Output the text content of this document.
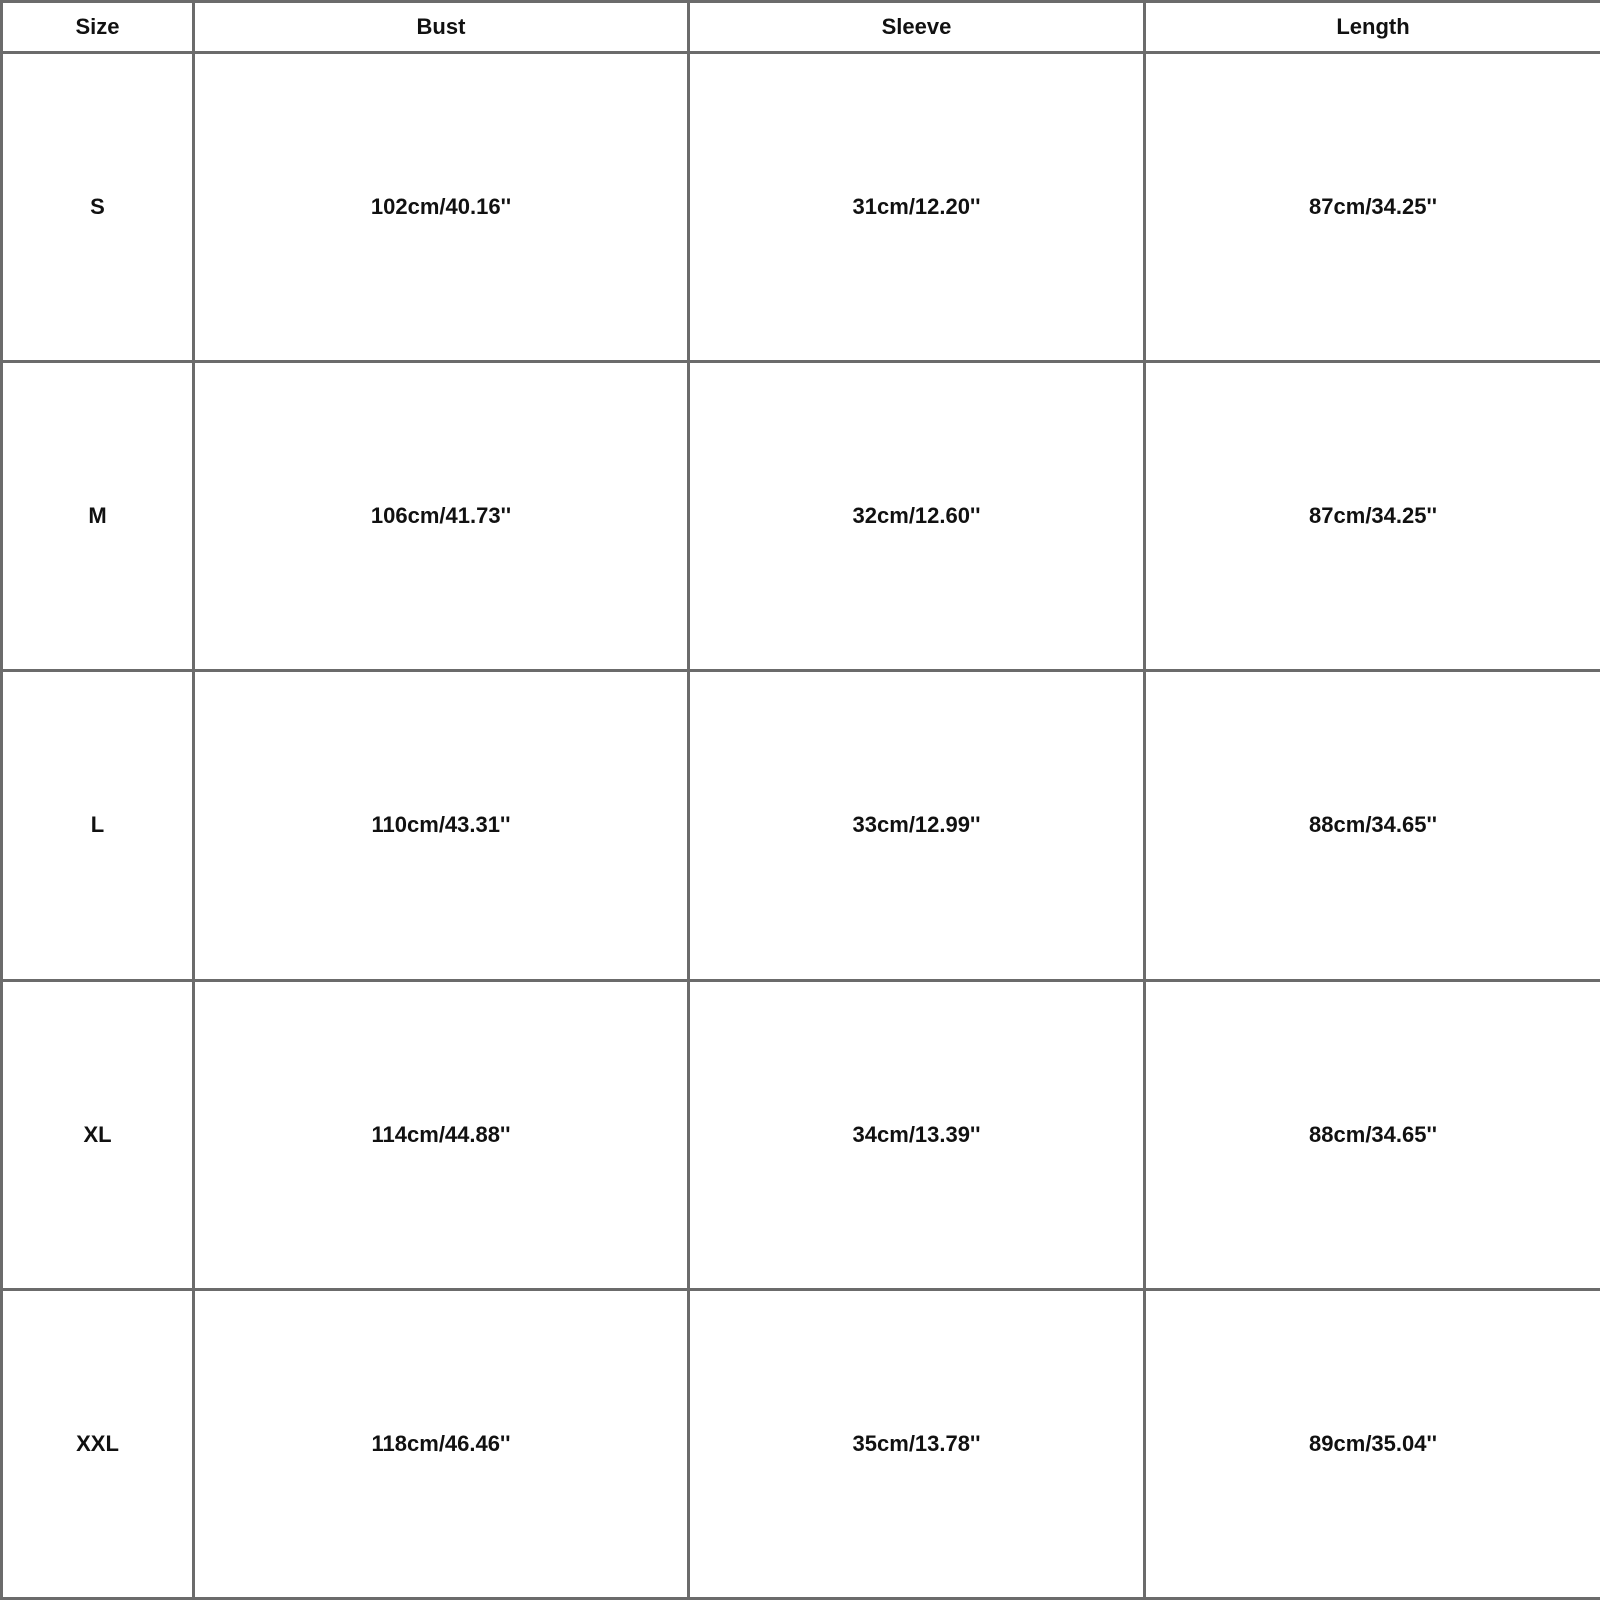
Size	Bust	Sleeve	Length
S	102cm/40.16''	31cm/12.20''	87cm/34.25''
M	106cm/41.73''	32cm/12.60''	87cm/34.25''
L	110cm/43.31''	33cm/12.99''	88cm/34.65''
XL	114cm/44.88''	34cm/13.39''	88cm/34.65''
XXL	118cm/46.46''	35cm/13.78''	89cm/35.04''
